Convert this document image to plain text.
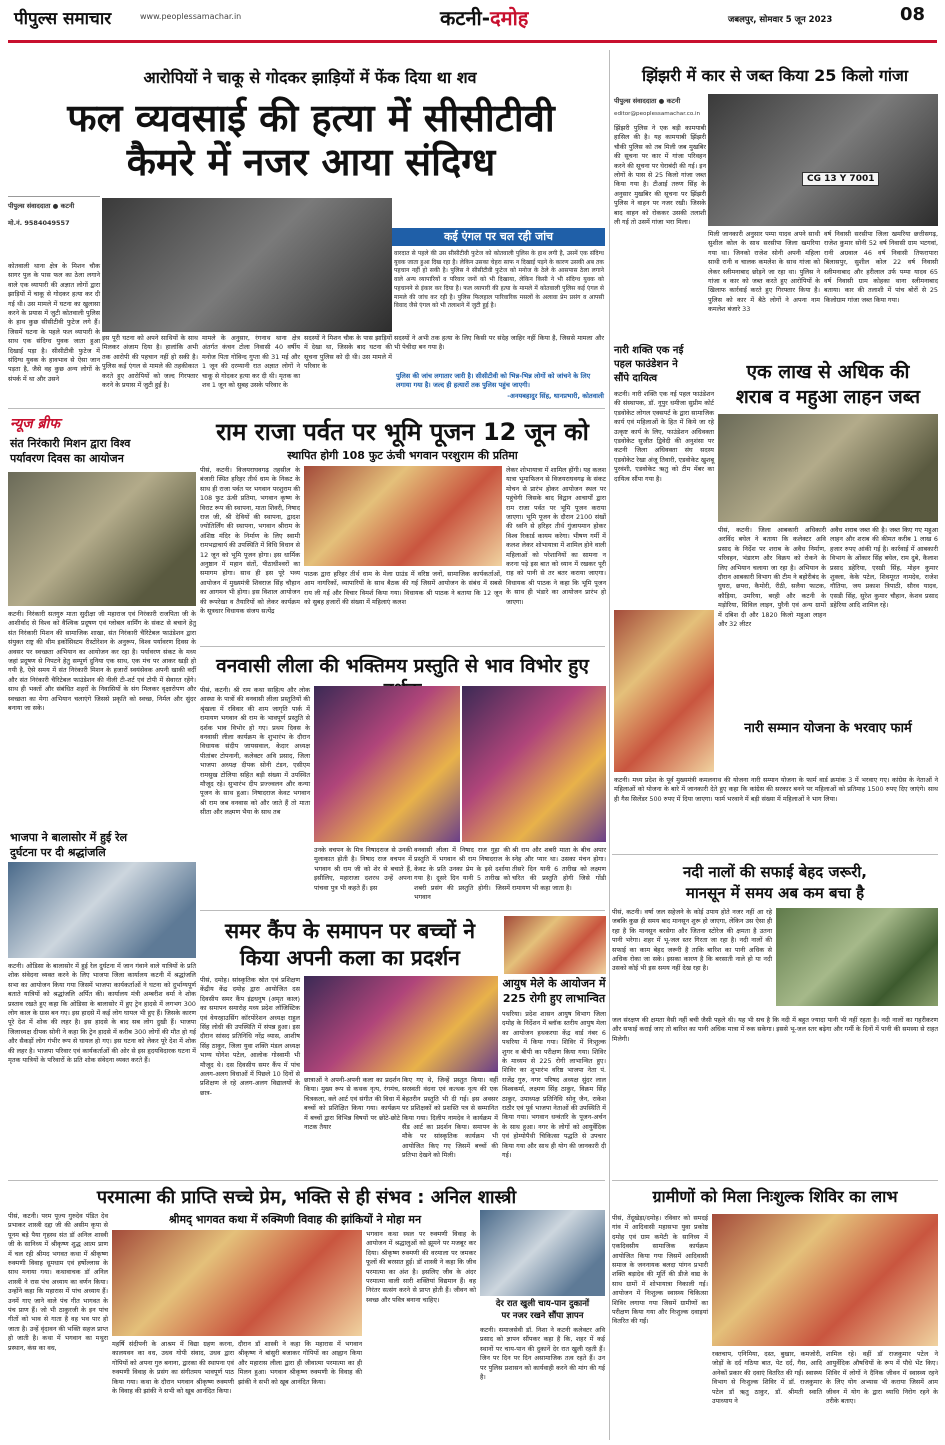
पीपुल्स समाचार	www.peoplessamachar.in	कटनी-दमोह	जबलपुर, सोमवार 5 जून 2023	08
आरोपियों ने चाकू से गोदकर झाड़ियों में फेंक दिया था शव
फल व्यवसाई की हत्या में सीसीटीवी
कैमरे में नजर आया संदिग्ध
पीपुल्स संवाददाता ● कटनी
मो.नं. 9584049557
कई एंगल पर चल रही जांच
वारदात से पहले की उस सीसीटीवी फुटेज को कोतवाली पुलिस के हाथ लगी है, उसमें एक संदिग्ध युवक जाता हुआ दिख रहा है। लेकिन उसका चेहरा साफ न दिखाई पड़ने के कारण उसकी अब तक पहचान नहीं हो सकी है। पुलिस ने सीसीटीवी फुटेज को मनोज के ठेले के आसपास ठेला लगाने वाले अन्य व्यापारियों व परिवार जनों को भी दिखाया, लेकिन किसी ने भी संदिग्ध युवक को पहचानने से इंकार कर दिया है। फल व्यापारी की हत्या के मामले में कोतवाली पुलिस कई एंगल से मामले की जांच कर रही है। पुलिस फिलहाल पारिवारिक मसलों के अलावा प्रेम प्रसंग व आपसी विवाद जैसे एंगल को भी तलाशने में जुटी हुई है।
कोतवाली थाना क्षेत्र के मिशन चौक सागर पुल के पास फल का ठेला लगाने वाले एक व्यापारी की अज्ञात लोगों द्वारा झाड़ियों में चाकू से गोदकर हत्या कर दी गई थी। उस मामले में घटना का खुलासा करने के प्रयास में जुटी कोतवाली पुलिस के हाथ कुछ सीसीटीवी फुटेज लगे हैं। जिसमें घटना के पहले फल व्यापारी के साथ एक संदिग्ध युवक जाता हुआ दिखाई पड़ा है। सीसीटीवी फुटेज में संदिग्ध युवक के हावभाव से ऐसा जान पड़ता है, जैसे वह कुछ अन्य लोगों के संपर्क में था और उसने
इस पूरी घटना को अपने साथियों के साथ मिलकर अंजाम दिया है। हालांकि अभी तक आरोपी की पहचान नहीं हो सकी है। पुलिस कई एंगल से मामले की तहकीकात करते हुए आरोपियों को जल्द गिरफ्तार करने के प्रयास में जुटी हुई है।
मामले के अनुसार, रंगनाथ थाना क्षेत्र अंतर्गत कंचन टोला निवासी 40 वर्षीय मनोज पिता गोविन्द गुप्ता की 31 मई और 1 जून की दरम्यानी रात अज्ञात लोगों ने चाकू से गोदकर हत्या कर दी थी। मृतक का शव 1 जून को सुबह उसके परिवार के
सदस्यों ने मिशन चौक के पास झाड़ियों में देखा था, जिसके बाद घटना की सूचना पुलिस को दी थी। उस मामले में परिवार के
सदस्यों ने अभी तक हत्या के लिए किसी पर संदेह जाहिर नहीं किया है, जिससे मामला और भी पेचीदा बन गया है।
पुलिस की जांच लगातार जारी है। सीसीटीवी को भिन्न-भिन्न लोगों को जांचने के लिए लगाया गया है। जल्द ही हत्यारों तक पुलिस पहुंच जाएगी।
-अनयबहादुर सिंह, थानप्रभारी, कोतवाली
न्यूज ब्रीफ
संत निरंकारी मिशन द्वारा विश्व
पर्यावरण दिवस का आयोजन
कटनी। निरंकारी सतगुरु माता सुदीक्षा जी महाराज एवं निरंकारी राजपिता जी के आशीर्वाद से विश्व को वैश्विक प्रदूषण एवं ग्लोबल वार्मिंग के संकट से बचाने हेतु संत निरंकारी मिशन की सामाजिक शाखा, संत निरंकारी चैरिटेबल फाउंडेशन द्वारा संयुक्त राष्ट्र की थीम इकोसिस्टम रीस्टोरेशन के अनुरूप, विश्व पर्यावरण दिवस के अवसर पर स्वच्छता अभियान का आयोजन कर रहा है। पर्यावरण संकट के मध्य जहां प्रदूषण से निपटने हेतु सम्पूर्ण दुनिया एक साथ, एक मंच पर आकर खड़ी हो गयी है, ऐसे समय में संत निरंकारी मिशन के हजारों स्वयंसेवक अपनी खाकी वर्दी और संत निरंकारी चैरिटेबल फाउंडेशन की नीली टी-शर्ट एवं टोपी में सेवारत रहेंगे। साथ ही भक्तों और संबंधित शहरों के निवासियों के संग मिलकर वृक्षारोपण और स्वच्छता का मेगा अभियान चलाएंगे जिससे प्रकृति को स्वच्छ, निर्मल और सुंदर बनाया जा सके।
भाजपा ने बालासोर में हुई रेल
दुर्घटना पर दी श्रद्धांजलि
कटनी। ओडिसा के बालासोर में हुई रेल दुर्घटना में जान गंवाने वाले यात्रियों के प्रति शोक संवेदना व्यक्त करने के लिए भाजपा जिला कार्यालय कटनी में श्रद्धांजलि सभा का आयोजन किया गया जिसमें भाजपा कार्यकर्ताओं ने घटना को दुर्भाग्यपूर्ण बताते यात्रियों को श्रद्धांजलि अर्पित की। कार्यालय मंत्री अम्बरीश वर्मा ने शोक प्रस्ताव रखते हुए कहा कि ओडिसा के बालासोर में हुए ट्रेन हादसे में लगभग 300 लोग काल के ग्रास बन गए। इस हादसे में कई लोग घायल भी हुए हैं। जिसके कारण पूरे देश में शोक की लहर है। इस हादसे के बाद सब लोग दुखी हैं। भाजपा जिलाध्यक्ष दीपक सोनी ने कहा कि ट्रेन हादसे में करीब 300 लोगों की मौत हो गई और सैकड़ों लोग गंभीर रूप से घायल हो गए। इस घटना को लेकर पूरे देश में शोक की लहर है। भाजपा परिवार एवं कार्यकर्ताओं की ओर से इस हृदयविदारक घटना में मृतक यात्रियों के परिवारों के प्रति शोक संवेदना व्यक्त करते हैं।
राम राजा पर्वत पर भूमि पूजन 12 जून को
स्थापित होगी 108 फुट ऊंची भगवान परशुराम की प्रतिमा
पीसं, कटनी। विजयराघवगढ़ तहसील के बंजारी स्थित हरिहर तीर्थ धाम के निकट के साथ ही राजा पर्वत पर भगवान परशुराम की 108 फुट ऊंची प्रतिमा, भगवान कृष्ण के विराट रूप की स्थापना, माता शिवरी, निषाद राज जी, श्री देवियों की स्थापना, द्वादश ज्योतिर्लिंग की स्थापना, भगवान श्रीराम के अंशिष्ठ मंदिर के निर्माण के लिए स्वामी रामभद्राचार्य की उपस्थिति में विधि विधान से 12 जून को भूमि पूजन होगा। इस धार्मिक अनुष्ठान में महान संतों, पीठाधीश्वरों का समागम होगा। साथ ही इस पूरे भव्य आयोजन में मुख्यमंत्री शिवराज सिंह चौहान का आगमन भी होगा। इस विशाल आयोजन की रूपरेखा व तैयारियों को लेकर कार्यक्रम के सूत्रधार विधायक संजय सत्येंद्र
पाठक द्वारा हरिहर तीर्थ धाम के मेला ग्राउंड में वरिष्ठ जनों, सामाजिक कार्यकर्ताओं, आम नागरिकों, व्यापारियों के साथ बैठक की गई जिसमें आयोजन के संबंध में सबसे राय ली गई और विचार विमर्श किया गया। विधायक श्री पाठक ने बताया कि 12 जून को सुबह हजारों की संख्या में महिलाएं कलश
लेकर शोभायात्रा में शामिल होंगी। यह कलश यात्रा भूमाफिलन से विजयराघवगढ़ के संकट मोचन से प्रारंभ होकर आयोजन स्थल पर पहुंचेगी जिसके बाद विद्वान आचार्यों द्वारा राम राजा पर्वत पर भूमि पूजन कराया जाएगा। भूमि पूजन के दौरान 2100 संखों की ध्वनि से हरिहर तीर्थ गुंजायमान होकर विश्व रिकार्ड कायम करेगा। भीषण गर्मी में कलश लेकर शोभायात्रा में शामिल होने वाली महिलाओं को परेशानियों का सामना न करना पड़े इस बात को ध्यान में रखकर पूरी राह को पानी से तर बतर कराया जाएगा। विधायक श्री पाठक ने कहा कि भूमि पूजन के साथ ही भंडारे का आयोजन प्रारंभ हो जाएगा।
वनवासी लीला की भक्तिमय प्रस्तुति से भाव विभोर हुए
पीसं, कटनी। श्री राम कथा साहित्य और लोक आस्था के पात्रों की वनवासी लीला प्रस्तुतियों की श्रृंखला में रविवार की शाम जागृति पार्क में रामायण भगवान श्री राम के भावपूर्ण प्रस्तुति से दर्शक भाव विभोर हो गए। प्रथम दिवस के वनवासी लीला कार्यक्रम के शुभारंभ के दौरान विधायक संदीप जायसवाल, केदार अध्यक्ष पीतांबर टोपनानी, कलेक्टर अवि प्रसाद, जिला भाजपा अध्यक्ष दीपक सोनी टंडन, एसीएम रामसुख टोलिया सहित बड़ी संख्या में उपस्थित मौजूद रहे। सुभारंभ दीप प्रज्ज्वलन और कन्या पूजन के साथ हुआ। निषादराज केवट भगवान श्री राम जब वनवास को और जाते हैं तो माता सीता और लक्ष्मण भैया के साथ तब
उनके वचपन के मित्र निषादराज से उनकी मुलाकात होती है। निषाद राज वचपन में भगवान श्री राम जी को शेर से बचाते हैं, इसीलिए, महाराजा दशरथ उन्हें अपना पांचवा पुत्र भी कहते हैं। इस
वनवासी लीला में निषाद राज गुहा की प्रस्तुति में भगवान श्री राम निषादराज के केवट के प्रति उनका प्रेम के इसे दर्शाया गया है। दूसरे दिन यानी 5 तारीख को शबरी प्रसंग की प्रस्तुति होगी। जिसमें भगवान
श्री राम और शबरी माता के बीच अपार स्नेह और प्यार था। उसका मंचन होगा। तीसरे दिन यानी 6 तारीख को लक्ष्मण चरित की प्रस्तुति होगी जिसे गोंडी रामायण भी कहा जाता है।
समर कैंप के समापन पर बच्चों ने
किया अपनी कला का प्रदर्शन
पीसं, दमोह। सांस्कृतिक स्रोत एवं प्रशिक्षण केंद्रीय केंद्र दमोह द्वारा आयोजित दस दिवसीय समर कैंप इंद्रधनुष (अमृत काल) का समापन समारोह मध्य प्रदेश लॉजिस्टिक एवं वेयरहाउसिंग कॉरपोरेशन अध्यक्ष राहुल सिंह लोधी की उपस्थिति में संपन्न हुआ। इस दौरान सांसद प्रतिनिधि नरेंद्र व्यास, आशीष सिंह ठाकुर, जिला युवा शक्ति मंडल अध्यक्ष भाग्य योगेश पटेल, आलोक गोस्वामी भी मौजूद थे। दस दिवसीय समर कैंप में पांच अलग-अलग विधाओं में पिछले 10 दिनों से प्रशिक्षण ले रहे अलग-अलग विद्यालयों के छात्र-
छात्राओं ने अपनी-अपनी कला का प्रदर्शन किया। मुख्य रूप से कथक नृत्य, रंगमंच, चित्रकला, क्ले आर्ट एवं संगीत की विधा में बच्चों को प्रशिक्षित किया गया। कार्यक्रम में बच्चों द्वारा विभिन्न विषयों पर छोटे-छोटे नाटक तैयार
किए गए थे, जिन्हें प्रस्तुत किया। वहीं सरस्वती वंदना एवं कत्थक नृत्य की एक बेहतरीन प्रस्तुति भी दी गई। इस अवसर पर प्रशिक्षकों को प्रशस्ति पत्र से सम्मानित किया गया। दिलीप नामदेव ने कार्यक्रम में सैंड आर्ट का प्रदर्शन किया। समापन के मौके पर सांस्कृतिक कार्यक्रम भी आयोजित किए गए जिसमें बच्चों की प्रतिभा देखने को मिली।
आयुष मेले के आयोजन में
225 रोगी हुए लाभान्वित
पथरिया। प्रदेश शासन आयुष विभाग जिला दमोह के निर्देशन में ब्लॉक स्तरीय आयुष मेला का आयोजन हथकरघा केंद्र वार्ड नंबर 6 पथरिया में किया गया। शिविर में निःशुल्क शुगर व बीपी का परीक्षण किया गया। शिविर के माध्यम से 225 रोगी लाभान्वित हुए। शिविर का शुभारंभ वरिष्ठ भाजपा नेता पं. राजेंद्र गुरु, नगर परिषद अध्यक्ष सुंदर लाल विश्वकर्मा, लक्ष्मण सिंह ठाकुर, विक्रम सिंह ठाकुर, उपाध्यक्ष प्रतिनिधि सोनू जैन, राकेश राठौर एवं पूर्व भाजपा नेताओं की उपस्थिति में किया गया। भगवान धन्वंतरि के पूजन-अर्चन के साथ हुआ। नगर के लोगों को आयुर्वेदिक एवं होम्योपैथी चिकित्सा पद्धति से उपचार किया गया और साथ ही योग की जानकारी दी गई।
परमात्मा की प्राप्ति सच्चे प्रेम, भक्ति से ही संभव : अनिल शास्त्री
श्रीमद् भागवत कथा में रुक्मिणी विवाह की झांकियों ने मोहा मन
पीसं, कटनी। परम पूज्य गुरुदेव पंडित देव प्रभाकर शास्त्री दद्दा जी की असीम कृपा से पूनम बड़े पैया गृहस्थ संत डॉ अनिल शास्त्री जी के सानिध्य में श्रीकृष्ण शुद्ध आत्म प्राण में चल रही श्रीमद भगवत कथा में श्रीकृष्ण रुक्मणी विवाह धूमधाम एवं हर्षोल्लास के साथ मनाया गया। कथावाचक डॉ अनिल शास्त्री ने रास पंच अध्याय का वर्णन किया। उन्होंने कहा कि महारास में पांच अध्याय हैं। उनमें गाए जाने वाले पंच गीत भागवत के पंच प्राण हैं। जो भी ठाकुरजी के इन पांच गीतों को भाव से गाता है वह भव पार हो जाता है। उन्हें वृंदावन की भक्ति सहज प्राप्त हो जाती है। कथा में भगवान का मथुरा प्रस्थान, कंस का वध,	महर्षि संदीपनी के आश्रम में विद्या ग्रहण करना, कालयवन का वध, उधव गोपी संवाद, उधव द्वारा गोपियों को अपना गुरु बनाना, द्वारका की स्थापना एवं रुक्मणी विवाह के प्रसंग का संगीतमय भावपूर्ण पाठ किया गया। कथा के दौरान भगवान श्रीकृष्ण रुक्मणी के विवाह की झांकी ने सभी को खूब आनंदित किया।
दौरान डॉ शास्त्री ने कहा कि महारास में भगवान श्रीकृष्ण ने बांसुरी बजाकर गोपियों का आह्वान किया और महारास लीला द्वारा ही जीवात्मा परमात्मा का ही मिलन हुआ। भगवान श्रीकृष्ण रुक्मणी के विवाह की झांकी ने सभी को खूब आनंदित किया।
भगवान कथा स्थल पर रुक्मणी विवाह के आयोजन में श्रद्धालुओं को झूमने पर मजबूर कर दिया। श्रीकृष्ण रुक्मणी की वरमाला पर जमकर फूलों की बरसात हुई। डॉ शास्त्री ने कहा कि जीव परमात्मा का अंश है। इसलिए जीव के अंदर परमात्मा वाली सारी शक्तियां विद्यमान हैं। वह निरंतर सत्संग करने से प्राप्त होती हैं। जीवन को स्वच्छ और पवित्र बनाना चाहिए।	देर रात खुली चाय-पान दुकानों
पर नजर रखने सौंपा ज्ञापन
कटनी। समाजसेवी डॉ. निशा ने कटनी कलेक्टर अवि प्रसाद को ज्ञापन सौंपकर कहा है कि, शहर में कई स्थानों पर चाय-पान की दुकानें देर रात खुली रहती हैं। जिन पर दिन पर दिन असामाजिक तत्व रहते हैं। उन पर पुलिस प्रशासन को कार्यवाही करने की मांग की गई है।
झिंझरी में कार से जब्त किया 25 किलो गांजा
पीपुल्स संवाददाता ● कटनी
editor@peoplessamachar.co.in
झिंझरी पुलिस ने एक बड़ी कामयाबी हासिल की है। यह कामयाबी झिंझरी चौकी पुलिस को तब मिली जब मुखबिर की सूचना पर कार में गांजा परिवहन करने की सूचना पर घेराबंदी की गई। इन लोगों के पास से 25 किलो गांजा जब्त किया गया है। टीआई तरुण सिंह के अनुसार मुखबिर की सूचना पर झिंझरी पुलिस ने वाहन पर नजर रखी। जिसके बाद वाहन को रोककर उसकी तलाशी ली गई तो उसमें गांजा भरा मिला।
CG 13 Y 7001
मिली जानकारी अनुसार पम्पा यादव अपने साथी सुशील कोल के साथ सरसीपा जिला खमरिया गया था। जिनको राजेश सोनी अपनी महिला साथी रानी व चालक कमलेश के साथ गांजा को लेकर स्लीमनाबाद छोड़ने जा रहा था। पुलिस ने गांजा व कार को जब्त करते हुए आरोपियों के खिलाफ कार्रवाई करते हुए गिरफ्तार किया है। पुलिस को कार में बैठे लोगों ने अपना नाम कमलेश बंजारे 33
वर्ष निवासी सरसीपा जिला खमरिया छत्तीसगढ़, राजेश कुमार सोनी 52 वर्ष निवासी ग्राम भटगवां, रानी अग्रवाल 46 वर्ष निवासी तिफरापारा बिलासपुर, सुशील कोल 22 वर्ष निवासी स्लीमनाबाद और हरीलाल उर्फ पम्पा यादव 65 वर्ष निवासी ग्राम कोहका थाना स्लीमनाबाद बताया। कार की तलाशी में पांच बोरों से 25 किलोग्राम गांजा जब्त किया गया।
नारी शक्ति एक नई
पहल फाउंडेशन ने
सौंपे दायित्व
कटनी। नारी शक्ति एक नई पहल फाउंडेशन की संस्थापक, डॉ. नूपुर धमीजा सुप्रीम कोर्ट एडवोकेट लोगल एक्सपर्ट के द्वारा सामाजिक कार्य एवं महिलाओं के हित में किये जा रहे उत्कृष्ट कार्य के लिए, फाउंडेशन अधिवक्ता एडवोकेट सुजीत द्विवेदी की अनुशंसा पर कटनी जिला अधिवक्ता संघ सदस्य एडवोकेट रेखा अंजू तिवारी, एडवोकेट खुशबू पुरवंशी, एडवोकेट ऋतु को टीम मेंबर का दायित्व सौंपा गया है।
एक लाख से अधिक की
शराब व महुआ लाहन जब्त
पीसं, कटनी। जिला आबकारी अधिकारी अरविंद बघेल ने बताया कि कलेक्टर अवि प्रसाद के निर्देश पर शराब के अवैध निर्माण, परिवहन, भंडारण और विक्रय को रोकने के लिए अभियान चलाया जा रहा है। अभियान के दौरान आबकारी विभाग की टीम ने बहोरीबंद के घुघरा, छपरा, कैमोरी, रीठी, सलैया फाटक, कौड़िया, उमरिया, बरही और कटनी के मड़ोरिया, सिविल लाइन, पुरैनी एवं अन्य ग्रामों में दबिश दी और 1820 किलो महुआ लाहन और 32 लीटर
अवैध शराब जब्त की है। जब्त किए गए महुआ लाहन और शराब की कीमत करीब 1 लाख 6 हजार रुपए आंकी गई है। कार्रवाई में आबकारी विभाग के ओंकार सिंह बघेल, राम दुबे, कैलाश प्रसाद डहेरिया, एसडी सिंह, मोहन कुमार शुक्ला, केके पटेल, शिवमूरत नामदेव, राजेश गौतिया, जय प्रकाश त्रिपाठी, सौरव यादव, एसडी सिंह, सुरेश कुमार चौहान, केशव प्रसाद डहेरिया आदि शामिल रहे।
नारी सम्मान योजना के भरवाए फार्म
कटनी। मध्य प्रदेश के पूर्व मुख्यमंत्री कमलनाथ की योजना नारी सम्मान योजना के फार्म वार्ड क्रमांक 3 में भरवाए गए। कांग्रेस के नेताओं ने महिलाओं को योजना के बारे में जानकारी देते हुए कहा कि कांग्रेस की सरकार बनने पर महिलाओं को प्रतिमाह 1500 रुपए दिए जाएंगे। साथ ही गैस सिलेंडर 500 रुपए में दिया जाएगा। फार्म भरवाने में बड़ी संख्या में महिलाओं ने भाग लिया।
नदी नालों की सफाई बेहद जरूरी,
मानसून में समय अब कम बचा है
पीसं, कटनी। वर्षा जल सहेजने के कोई उपाय होते नजर नहीं आ रहे जबकि कुछ ही समय बाद मानसून शुरू हो जाएगा, लेकिन उस ऐसा ही रहा है कि मानसून बरसेगा और जितना स्टोरेज की क्षमता है उतना पानी भरेगा। शहर में भू-जल स्तर गिरता जा रहा है। नदी नालों की सफाई का काम बेहद जरूरी है ताकि बारिश का पानी अधिक से अधिक रोका जा सके। इसका कारण है कि बरसाती नाले हो या नदी उसको कोई भी इस समय नहीं देख रहा है।
जल संरक्षण की क्षमता वैसी नहीं बची जैसी पहले थी। यह भी सच है कि नदी में बहुत ज्यादा पानी भी नहीं रहता है। नदी नालों का गहरीकरण और सफाई कराई जाए तो बारिश का पानी अधिक मात्रा में रुक सकेगा। इससे भू-जल स्तर बढ़ेगा और गर्मी के दिनों में पानी की समस्या से राहत मिलेगी।
ग्रामीणों को मिला निःशुल्क शिविर का लाभ
पीसं, तेंदूखेड़ा/दमोह। रविवार को समदई गांव में आदिवासी महासभा युवा प्रकोष्ठ दमोह एवं ग्राम कमेटी के सानिध्य में एकदिवसीय सामाजिक कार्यक्रम आयोजित किया गया जिसमें आदिवासी समाज के जननायक बलदा पांगन प्रभारी शक्ति बड़ादेव की मूर्ति की डीजे वाद्य के साथ ग्रामों में शोभायात्रा निकाली गई। आयोजन में निःशुल्क स्वास्थ्य चिकित्सा शिविर लगाया गया जिसमें ग्रामीणों का परीक्षण किया गया और निःशुल्क दवाइयां वितरित की गईं।
रक्तचाप, एनिमिया, दस्त, बुखार, कमजोरी, जोड़ों के दर्द गठिया बात, पेट दर्द, गैस, आदि अनेकों प्रकार की दवाएं वितरित की गईं। स्वास्थ्य विभाग से निःशुल्क शिविर में डॉ. राजकुमार पटेल डॉ ऋतु ठाकुर, डॉ. श्रीमती स्वाति उपाध्याय ने
शामिल रहे। वहीं डॉ राजकुमार पटेल ने आयुर्वेदिक औषधियों के रूप में पौधे भेंट किए। शिविर में लोगों ने दैनिक जीवन में स्वास्थ्य रहने के लिए योग अभ्यास भी कराया जिसमें आम जीवन में योग के द्वारा व्याधि निरोग रहने के तरीके बताए।
